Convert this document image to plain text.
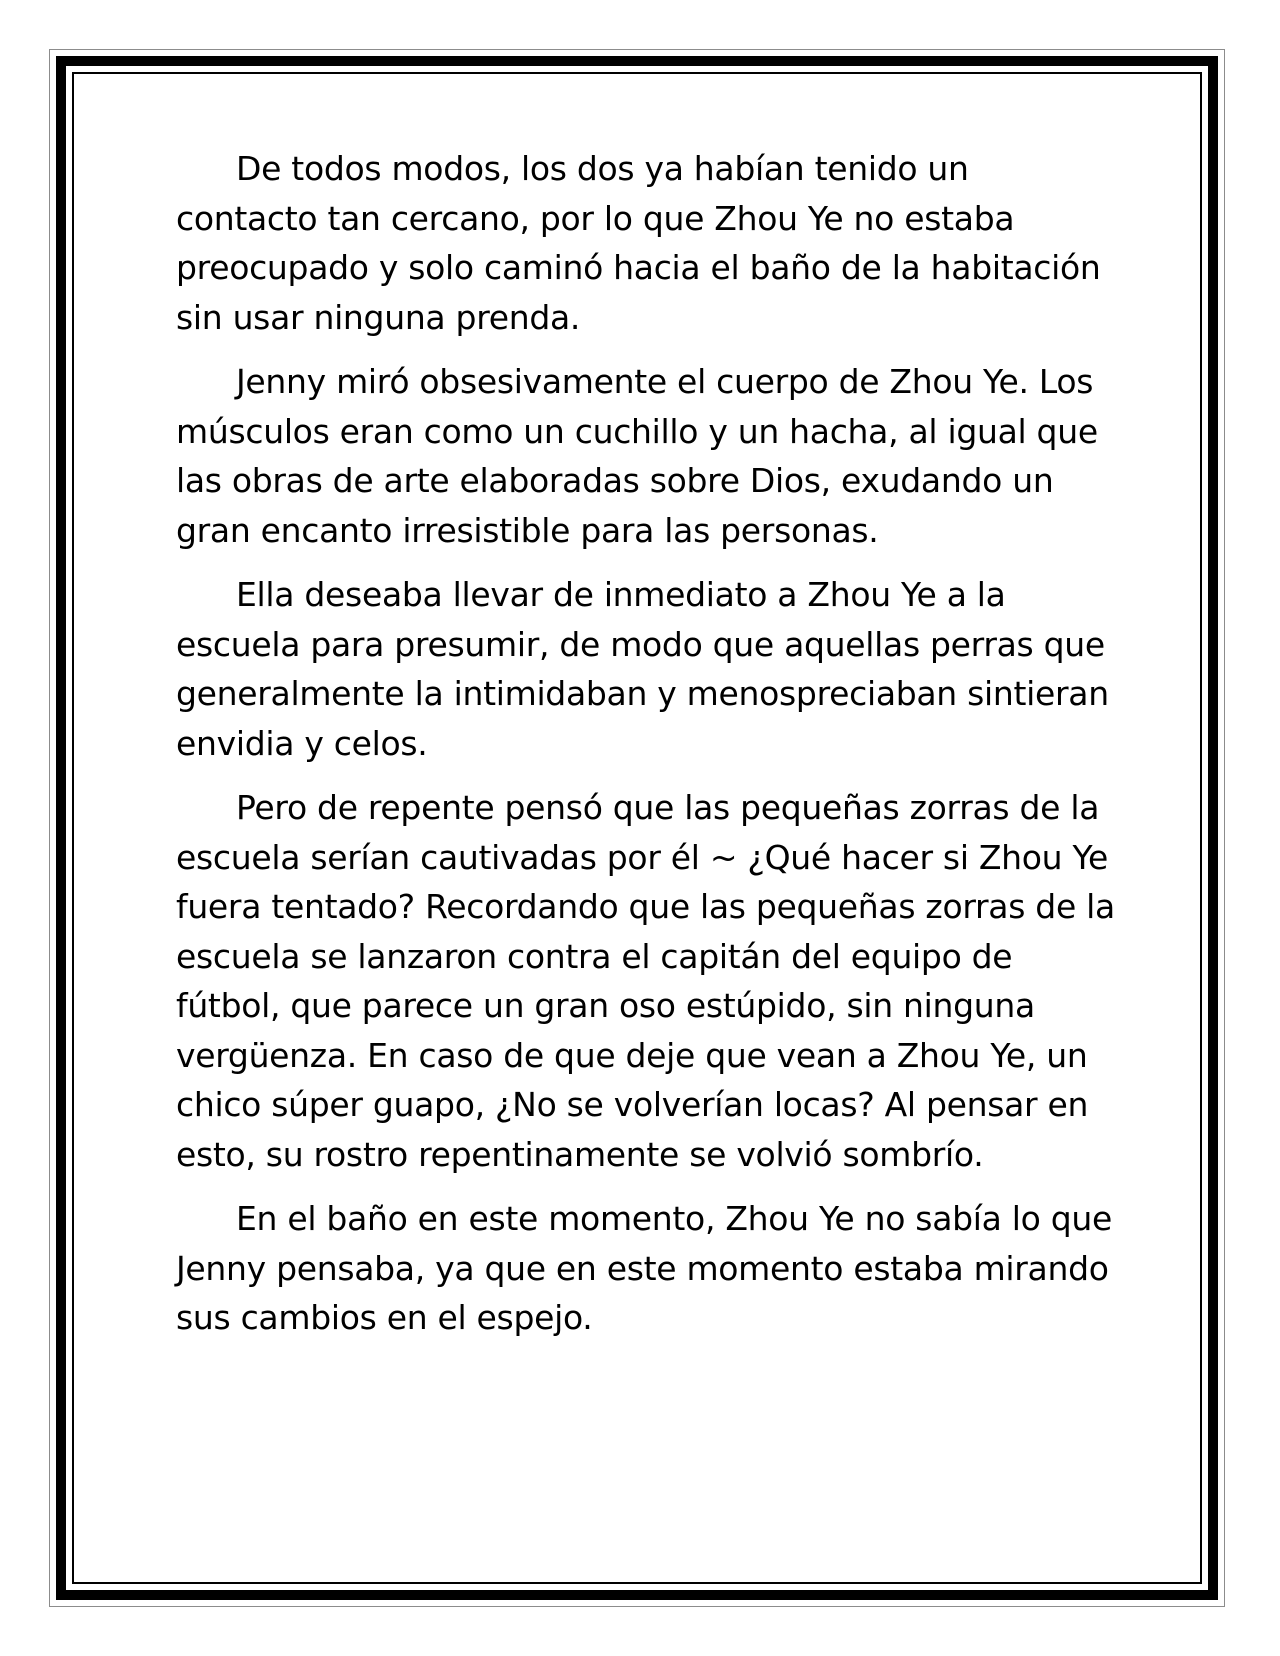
De todos modos, los dos ya habían tenido un contacto tan cercano, por lo que Zhou Ye no estaba preocupado y solo caminó hacia el baño de la habitación sin usar ninguna prenda.

Jenny miró obsesivamente el cuerpo de Zhou Ye. Los músculos eran como un cuchillo y un hacha, al igual que las obras de arte elaboradas sobre Dios, exudando un gran encanto irresistible para las personas.

Ella deseaba llevar de inmediato a Zhou Ye a la escuela para presumir, de modo que aquellas perras que generalmente la intimidaban y menospreciaban sintieran envidia y celos.

Pero de repente pensó que las pequeñas zorras de la escuela serían cautivadas por él ~ ¿Qué hacer si Zhou Ye fuera tentado? Recordando que las pequeñas zorras de la escuela se lanzaron contra el capitán del equipo de fútbol, que parece un gran oso estúpido, sin ninguna vergüenza. En caso de que deje que vean a Zhou Ye, un chico súper guapo, ¿No se volverían locas? Al pensar en esto, su rostro repentinamente se volvió sombrío.

En el baño en este momento, Zhou Ye no sabía lo que Jenny pensaba, ya que en este momento estaba mirando sus cambios en el espejo.
